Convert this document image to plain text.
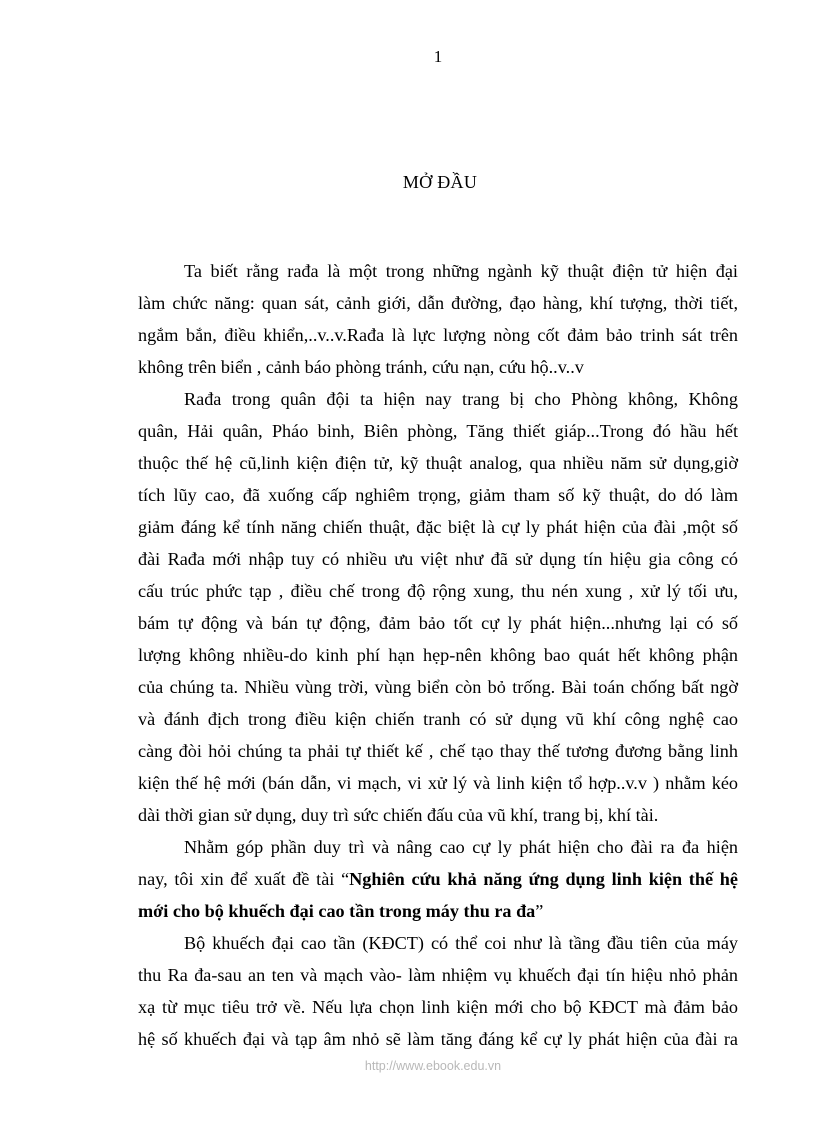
1
MỞ ĐẦU
Ta biết rằng rađa là một trong những ngành kỹ thuật điện tử hiện đại
làm chức năng: quan sát, cảnh giới, dẫn đường, đạo hàng, khí tượng, thời tiết,
ngắm bắn, điều khiển,..v..v.Rađa là lực lượng nòng cốt đảm bảo trinh sát trên
không trên biển , cảnh báo phòng tránh, cứu nạn, cứu hộ..v..v
Rađa trong quân đội ta hiện nay trang bị cho Phòng không, Không
quân, Hải quân, Pháo binh, Biên phòng, Tăng thiết giáp...Trong đó hầu hết
thuộc thế hệ cũ,linh kiện điện tử, kỹ thuật analog, qua nhiều năm sử dụng,giờ
tích lũy cao, đã xuống cấp nghiêm trọng, giảm tham số kỹ thuật, do dó làm
giảm đáng kể tính năng chiến thuật, đặc biệt là cự ly phát hiện của đài ,một số
đài Rađa mới nhập tuy có nhiều ưu việt như đã sử dụng tín hiệu gia công có
cấu trúc phức tạp , điều chế trong độ rộng xung, thu nén xung , xử lý tối ưu,
bám tự động và bán tự động, đảm bảo tốt cự ly phát hiện...nhưng lại có số
lượng không nhiều-do kinh phí hạn hẹp-nên không bao quát hết không phận
của chúng ta. Nhiều vùng trời, vùng biển còn bỏ trống. Bài toán chống bất ngờ
và đánh địch trong điều kiện chiến tranh có sử dụng vũ khí công nghệ cao
càng đòi hỏi chúng ta phải tự thiết kế , chế tạo thay thế tương đương bằng linh
kiện thế hệ mới (bán dẫn, vi mạch, vi xử lý và linh kiện tổ hợp..v.v ) nhằm kéo
dài thời gian sử dụng, duy trì sức chiến đấu của vũ khí, trang bị, khí tài.
Nhằm góp phần duy trì và nâng cao cự ly phát hiện cho đài ra đa hiện
nay, tôi xin để xuất đề tài “Nghiên cứu khả năng ứng dụng linh kiện thế hệ
mới cho bộ khuếch đại cao tần trong máy thu ra đa”
Bộ khuếch đại cao tần (KĐCT) có thể coi như là tầng đầu tiên của máy
thu Ra đa-sau an ten và mạch vào- làm nhiệm vụ khuếch đại tín hiệu nhỏ phản
xạ từ mục tiêu trở về. Nếu lựa chọn linh kiện mới cho bộ KĐCT mà đảm bảo
hệ số khuếch đại và tạp âm nhỏ sẽ làm tăng đáng kể cự ly phát hiện của đài ra
http://www.ebook.edu.vn
